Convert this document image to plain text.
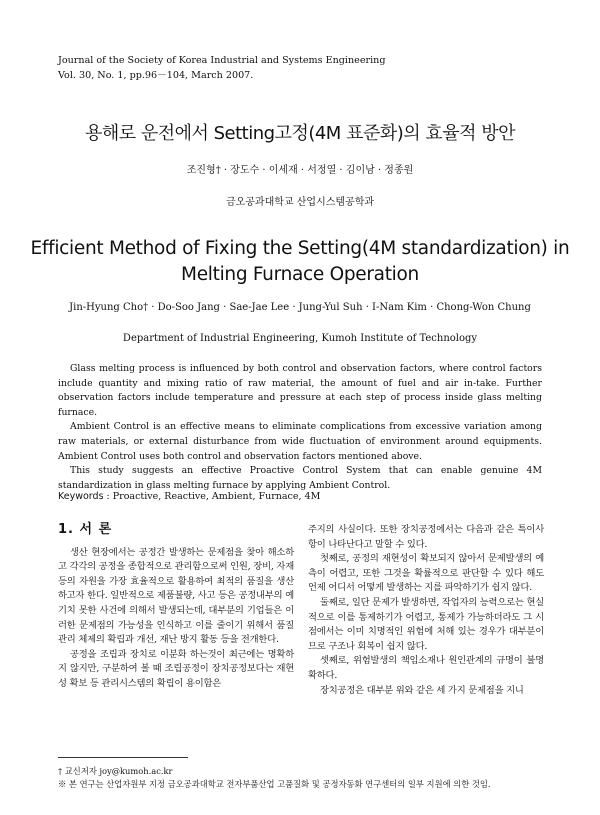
Journal of the Society of Korea Industrial and Systems Engineering
Vol. 30, No. 1, pp.96－104, March 2007.
용해로 운전에서 Setting고정(4M 표준화)의 효율적 방안
조진형† · 장도수 · 이세재 · 서정열 · 김이남 · 정종원
금오공과대학교 산업시스템공학과
Efficient Method of Fixing the Setting(4M standardization) in
Melting Furnace Operation
Jin-Hyung Cho† · Do-Soo Jang · Sae-Jae Lee · Jung-Yul Suh · I-Nam Kim · Chong-Won Chung
Department of Industrial Engineering, Kumoh Institute of Technology

Glass melting process is influenced by both control and observation factors, where control factors include quantity and mixing ratio of raw material, the amount of fuel and air in-take. Further observation factors include temperature and pressure at each step of process inside glass melting furnace.

Ambient Control is an effective means to eliminate complications from excessive variation among raw materials, or external disturbance from wide fluctuation of environment around equipments. Ambient Control uses both control and observation factors mentioned above.

This study suggests an effective Proactive Control System that can enable genuine 4M standardization in glass melting furnace by applying Ambient Control.

Keywords : Proactive, Reactive, Ambient, Furnace, 4M
1. 서 론

생산 현장에서는 공정간 발생하는 문제점을 찾아 해소하고 각각의 공정을 종합적으로 관리함으로써 인원, 장비, 자재 등의 자원을 가장 효율적으로 활용하여 최적의 품질을 생산하고자 한다. 일반적으로 제품불량, 사고 등은 공정내부의 예기치 못한 사건에 의해서 발생되는데, 대부분의 기업들은 이러한 문제점의 가능성을 인식하고 이를 줄이기 위해서 품질 관리 체제의 확립과 개선, 재난 방지 활동 등을 전개한다.

공정을 조립과 장치로 이분화 하는것이 최근에는 명확하지 않지만, 구분하여 볼 때 조립공정이 장치공정보다는 재현성 확보 등 관리시스템의 확립이 용이함은

주지의 사실이다. 또한 장치공정에서는 다음과 같은 특이사항이 나타난다고 말할 수 있다.

첫째로, 공정의 재현성이 확보되지 않아서 문제발생의 예측이 어렵고, 또한 그것을 확률적으로 판단할 수 있다 해도 언제 어디서 어떻게 발생하는 지를 파악하기가 쉽지 않다.

둘째로, 일단 문제가 발생하면, 작업자의 능력으로는 현실적으로 이를 통제하기가 어렵고, 통제가 가능하더라도 그 시점에서는 이미 치명적인 위험에 처해 있는 경우가 대부분이므로 구조나 회복이 쉽지 않다.

셋째로, 위험발생의 책임소재나 원인관계의 규명이 불명확하다.

장치공정은 대부분 위와 같은 세 가지 문제점을 지니

† 교신저자 joy@kumoh.ac.kr
※ 본 연구는 산업자원부 지정 금오공과대학교 전자부품산업 고품질화 및 공정자동화 연구센터의 일부 지원에 의한 것임.
